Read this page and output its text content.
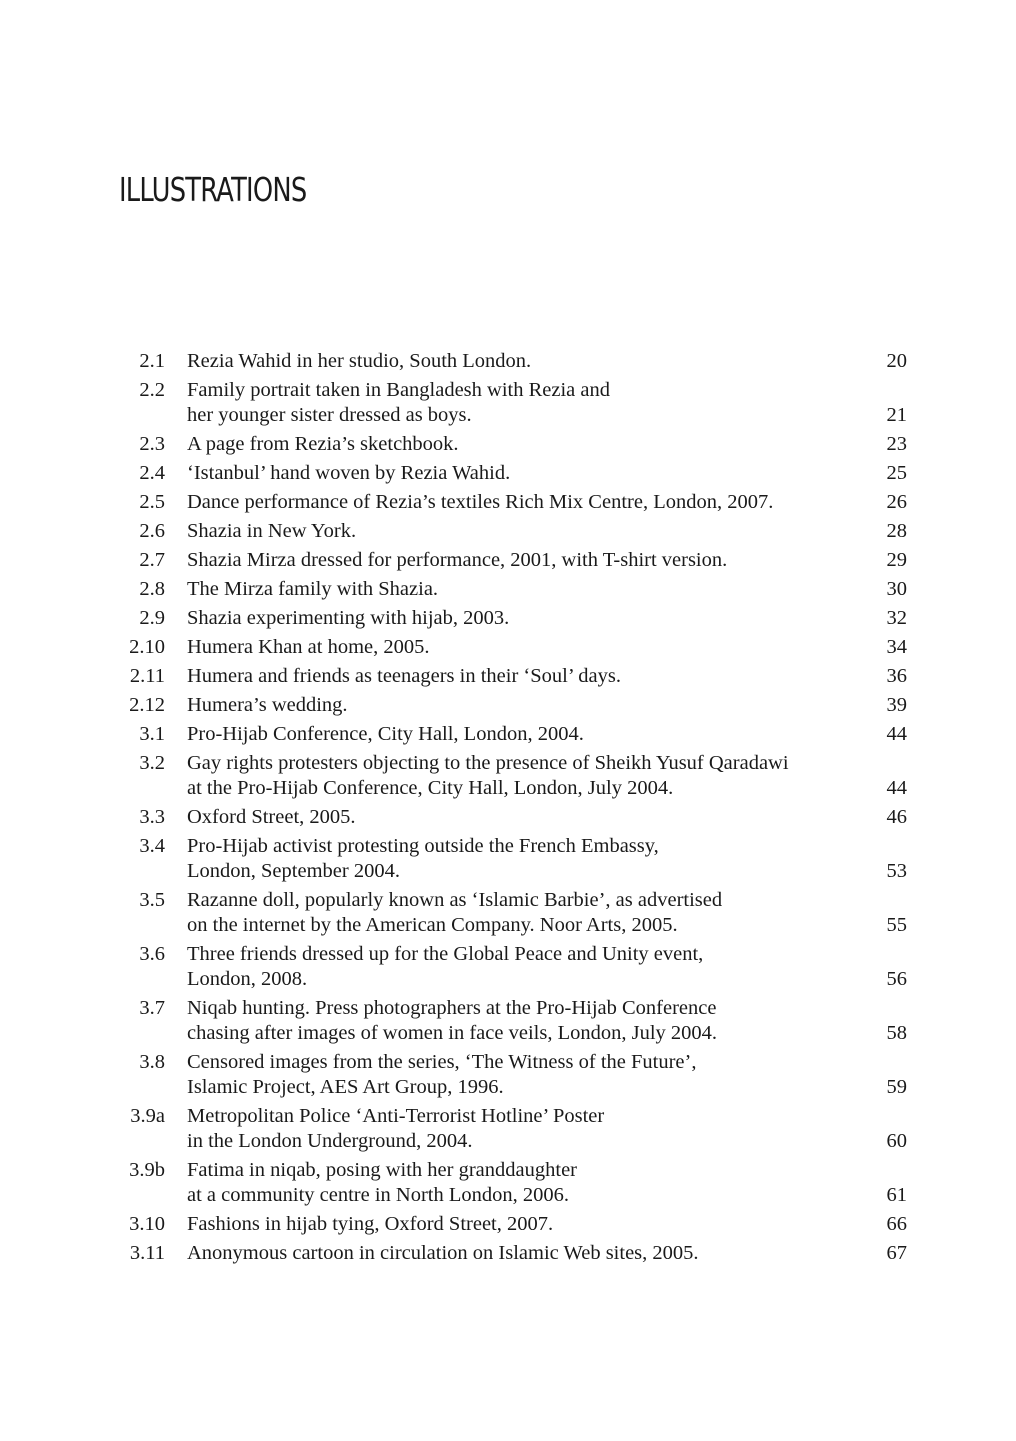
ILLUSTRATIONS
2.1 Rezia Wahid in her studio, South London.	20
2.2 Family portrait taken in Bangladesh with Rezia and
her younger sister dressed as boys.	21
2.3 A page from Rezia’s sketchbook.	23
2.4 ‘Istanbul’ hand woven by Rezia Wahid.	25
2.5 Dance performance of Rezia’s textiles Rich Mix Centre, London, 2007.	26
2.6 Shazia in New York.	28
2.7 Shazia Mirza dressed for performance, 2001, with T-shirt version.	29
2.8 The Mirza family with Shazia.	30
2.9 Shazia experimenting with hijab, 2003.	32
2.10 Humera Khan at home, 2005.	34
2.11 Humera and friends as teenagers in their ‘Soul’ days.	36
2.12 Humera’s wedding.	39
3.1 Pro-Hijab Conference, City Hall, London, 2004.	44
3.2 Gay rights protesters objecting to the presence of Sheikh Yusuf Qaradawi
at the Pro-Hijab Conference, City Hall, London, July 2004.	44
3.3 Oxford Street, 2005.	46
3.4 Pro-Hijab activist protesting outside the French Embassy,
London, September 2004.	53
3.5 Razanne doll, popularly known as ‘Islamic Barbie’, as advertised
on the internet by the American Company. Noor Arts, 2005.	55
3.6 Three friends dressed up for the Global Peace and Unity event,
London, 2008.	56
3.7 Niqab hunting. Press photographers at the Pro-Hijab Conference
chasing after images of women in face veils, London, July 2004.	58
3.8 Censored images from the series, ‘The Witness of the Future’,
Islamic Project, AES Art Group, 1996.	59
3.9a Metropolitan Police ‘Anti-Terrorist Hotline’ Poster
in the London Underground, 2004.	60
3.9b Fatima in niqab, posing with her granddaughter
at a community centre in North London, 2006.	61
3.10 Fashions in hijab tying, Oxford Street, 2007.	66
3.11 Anonymous cartoon in circulation on Islamic Web sites, 2005.	67
